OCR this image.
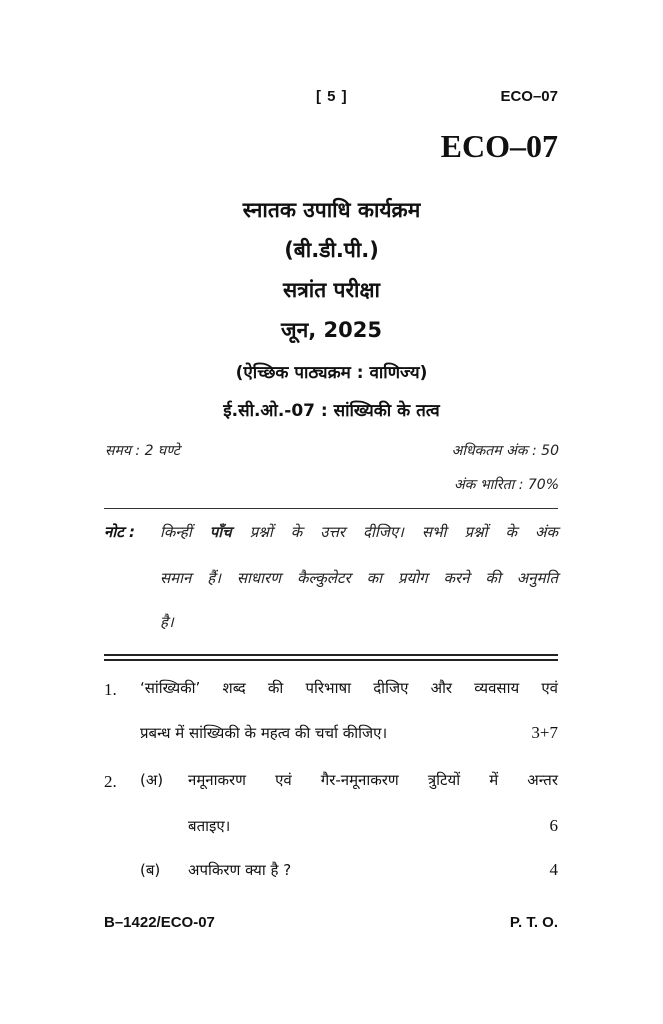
[ 5 ]	ECO–07
ECO–07
स्नातक उपाधि कार्यक्रम
(बी.डी.पी.)
सत्रांत परीक्षा
जून, 2025
(ऐच्छिक पाठ्यक्रम : वाणिज्य)
ई.सी.ओ.-07 : सांख्यिकी के तत्व
समय : 2 घण्टे	अधिकतम अंक : 50
अंक भारिता : 70%
नोट : किन्हीं पाँच प्रश्नों के उत्तर दीजिए। सभी प्रश्नों के अंक
समान हैं। साधारण कैल्कुलेटर का प्रयोग करने की अनुमति
है।
1. ‘सांख्यिकी’ शब्द की परिभाषा दीजिए और व्यवसाय एवं
प्रबन्ध में सांख्यिकी के महत्व की चर्चा कीजिए।	3+7
2. (अ) नमूनाकरण एवं गैर-नमूनाकरण त्रुटियों में अन्तर
बताइए।	6
(ब) अपकिरण क्या है ?	4
B–1422/ECO-07	P. T. O.
